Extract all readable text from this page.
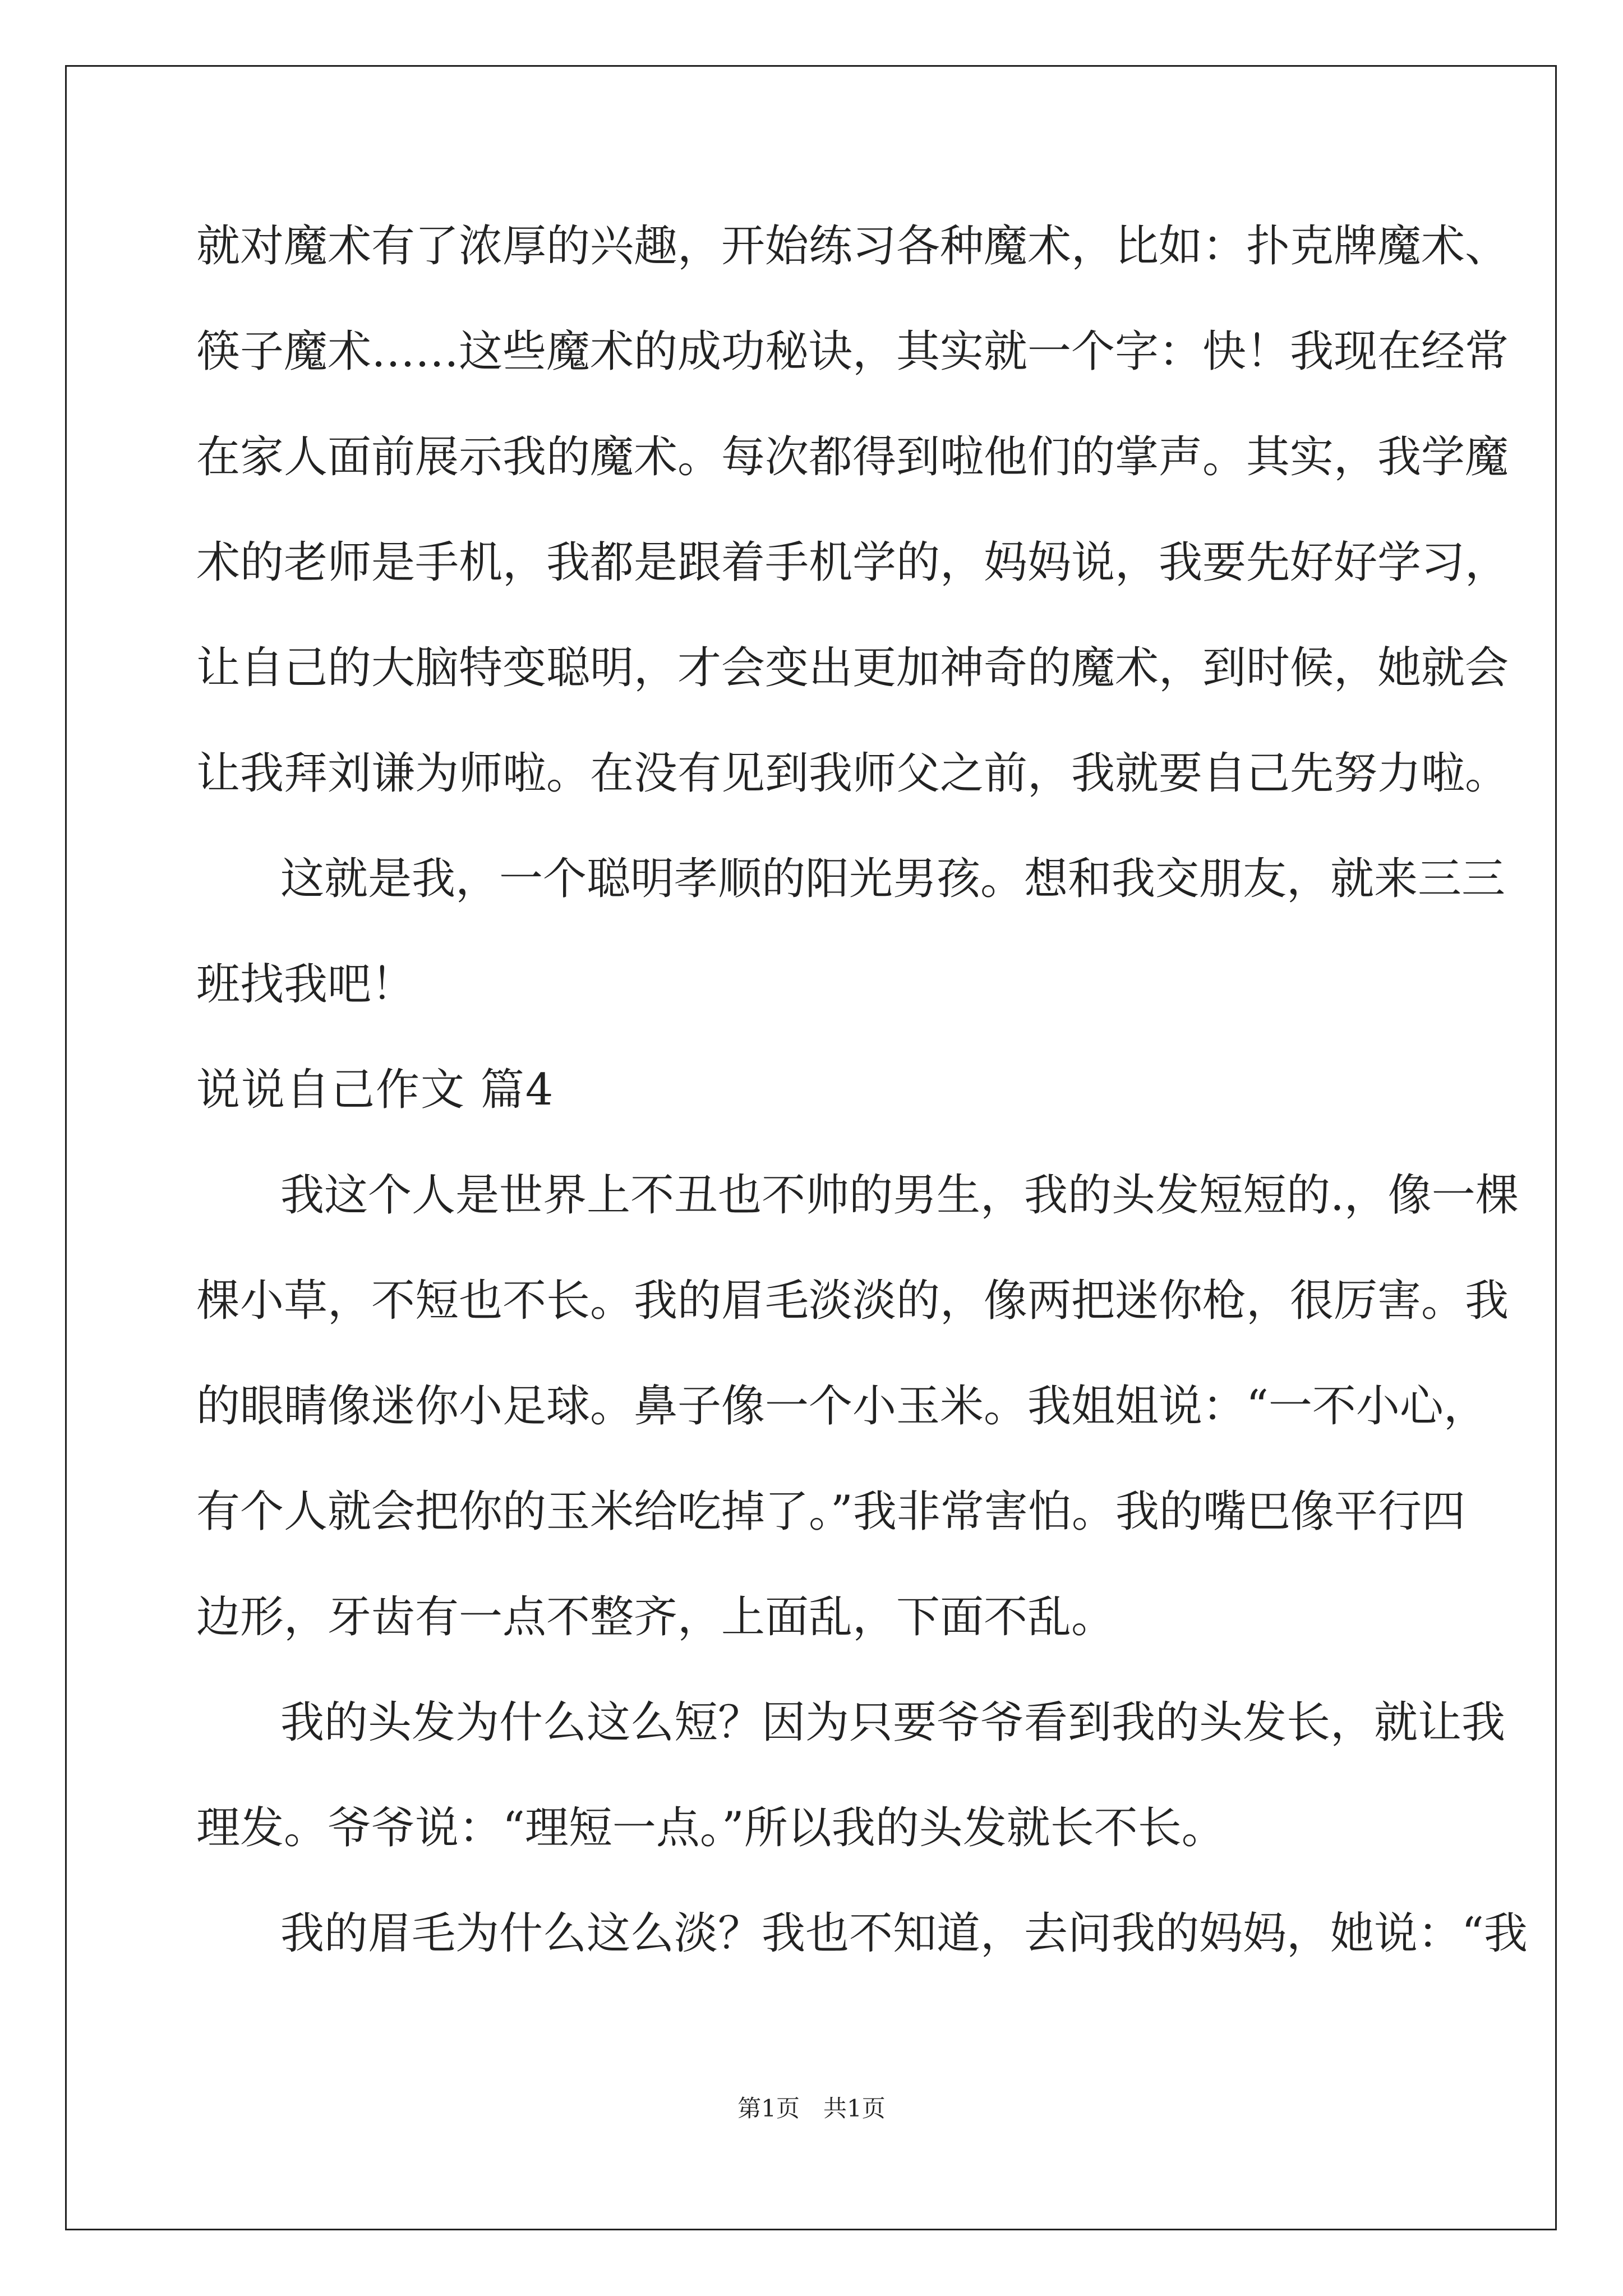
就对魔术有了浓厚的兴趣，开始练习各种魔术，比如：扑克牌魔术、
筷子魔术……这些魔术的成功秘诀，其实就一个字：快！我现在经常
在家人面前展示我的魔术。每次都得到啦他们的掌声。其实，我学魔
术的老师是手机，我都是跟着手机学的，妈妈说，我要先好好学习，
让自己的大脑特变聪明，才会变出更加神奇的魔术，到时候，她就会
让我拜刘谦为师啦。在没有见到我师父之前，我就要自己先努力啦。
这就是我，一个聪明孝顺的阳光男孩。想和我交朋友，就来三三
班找我吧！
说说自己作文 篇4
我这个人是世界上不丑也不帅的男生，我的头发短短的.，像一棵
棵小草，不短也不长。我的眉毛淡淡的，像两把迷你枪，很厉害。我
的眼睛像迷你小足球。鼻子像一个小玉米。我姐姐说：“一不小心，
有个人就会把你的玉米给吃掉了。”我非常害怕。我的嘴巴像平行四
边形，牙齿有一点不整齐，上面乱，下面不乱。
我的头发为什么这么短？因为只要爷爷看到我的头发长，就让我
理发。爷爷说：“理短一点。”所以我的头发就长不长。
我的眉毛为什么这么淡？我也不知道，去问我的妈妈，她说：“我
第1页　共1页
